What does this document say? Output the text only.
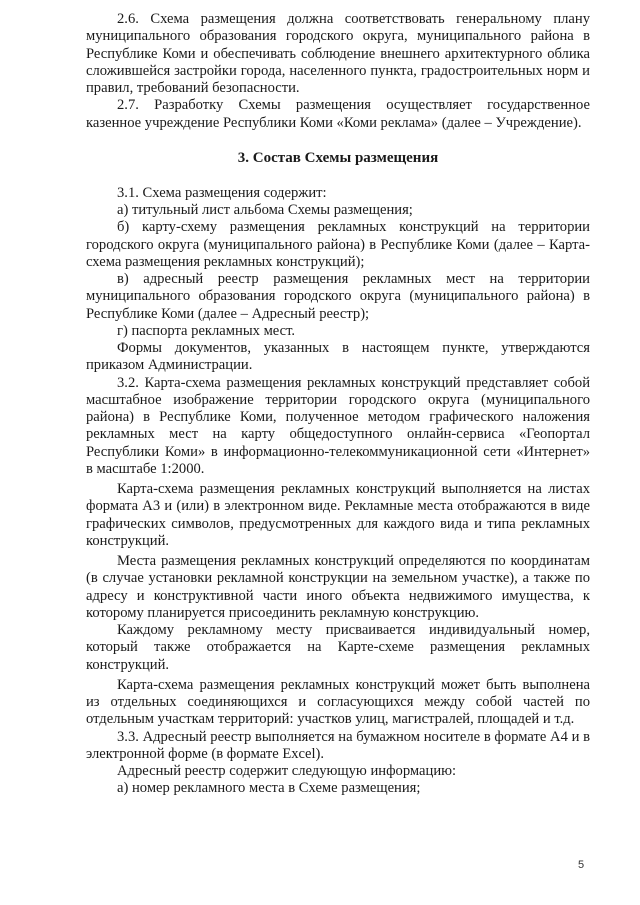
2.6. Схема размещения должна соответствовать генеральному плану муниципального образования городского округа, муниципального района в Республике Коми и обеспечивать соблюдение внешнего архитектурного облика сложившейся застройки города, населенного пункта, градостроительных норм и правил, требований безопасности.

2.7. Разработку Схемы размещения осуществляет государственное казенное учреждение Республики Коми «Коми реклама» (далее – Учреждение).

3. Состав Схемы размещения

3.1. Схема размещения содержит:

а) титульный лист альбома Схемы размещения;

б) карту-схему размещения рекламных конструкций на территории городского округа (муниципального района) в Республике Коми (далее – Карта-схема размещения рекламных конструкций);

в) адресный реестр размещения рекламных мест на территории муниципального образования городского округа (муниципального района) в Республике Коми (далее – Адресный реестр);

г) паспорта рекламных мест.

Формы документов, указанных в настоящем пункте, утверждаются приказом Администрации.

3.2. Карта-схема размещения рекламных конструкций представляет собой масштабное изображение территории городского округа (муниципального района) в Республике Коми, полученное методом графического наложения рекламных мест на карту общедоступного онлайн-сервиса «Геопортал Республики Коми» в информационно-телекоммуникационной сети «Интернет» в масштабе 1:2000.

Карта-схема размещения рекламных конструкций выполняется на листах формата А3 и (или) в электронном виде. Рекламные места отображаются в виде графических символов, предусмотренных для каждого вида и типа рекламных конструкций.

Места размещения рекламных конструкций определяются по координатам (в случае установки рекламной конструкции на земельном участке), а также по адресу и конструктивной части иного объекта недвижимого имущества, к которому планируется присоединить рекламную конструкцию.

Каждому рекламному месту присваивается индивидуальный номер, который также отображается на Карте-схеме размещения рекламных конструкций.

Карта-схема размещения рекламных конструкций может быть выполнена из отдельных соединяющихся и согласующихся между собой частей по отдельным участкам территорий: участков улиц, магистралей, площадей и т.д.

3.3. Адресный реестр выполняется на бумажном носителе в формате А4 и в электронной форме (в формате Excel).

Адресный реестр содержит следующую информацию:

а) номер рекламного места в Схеме размещения;

5
